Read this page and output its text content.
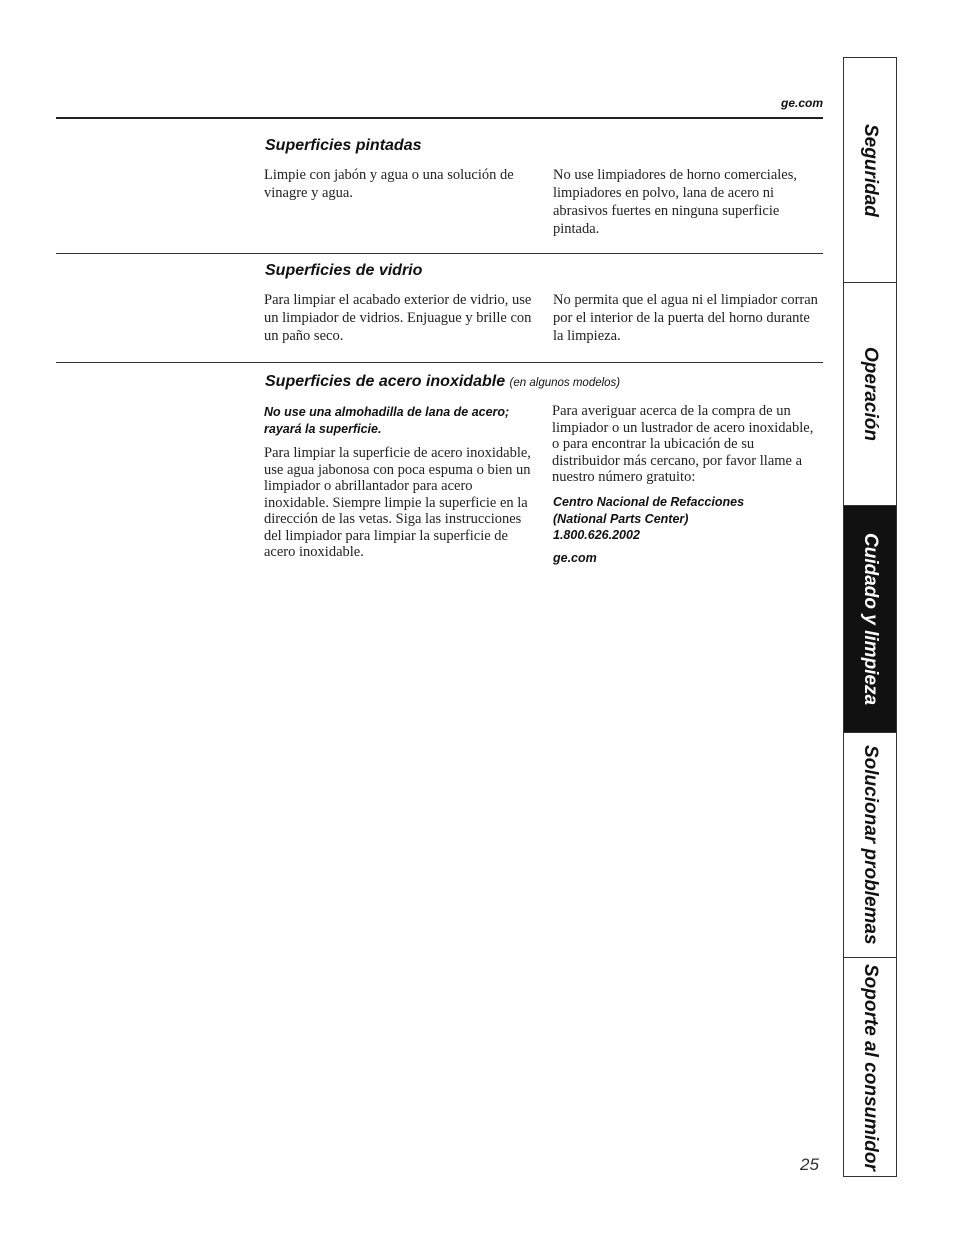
ge.com
Superficies pintadas
Limpie con jabón y agua o una solución de vinagre y agua.
No use limpiadores de horno comerciales, limpiadores en polvo, lana de acero ni abrasivos fuertes en ninguna superficie pintada.
Superficies de vidrio
Para limpiar el acabado exterior de vidrio, use un limpiador de vidrios. Enjuague y brille con un paño seco.
No permita que el agua ni el limpiador corran por el interior de la puerta del horno durante la limpieza.
Superficies de acero inoxidable (en algunos modelos)
No use una almohadilla de lana de acero; rayará la superficie.
Para limpiar la superficie de acero inoxidable, use agua jabonosa con poca espuma o bien un limpiador o abrillantador para acero inoxidable. Siempre limpie la superficie en la dirección de las vetas. Siga las instrucciones del limpiador para limpiar la superficie de acero inoxidable.
Para averiguar acerca de la compra de un limpiador o un lustrador de acero inoxidable, o para encontrar la ubicación de su distribuidor más cercano, por favor llame a nuestro número gratuito:
Centro Nacional de Refacciones
(National Parts Center)
1.800.626.2002
ge.com
Seguridad
Operación
Cuidado y limpieza
Solucionar problemas
Soporte al consumidor
25
